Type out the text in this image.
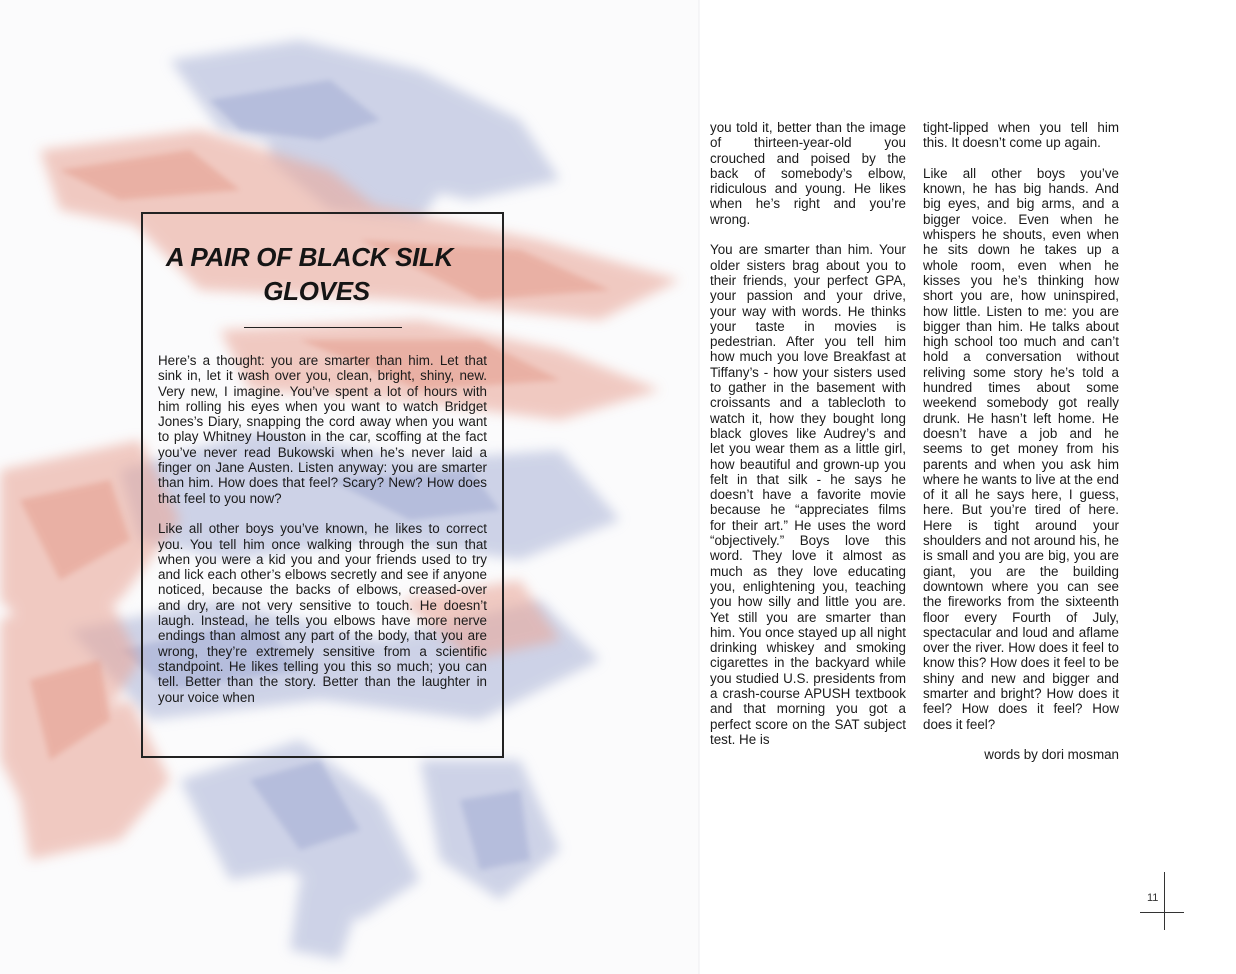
A PAIR OF BLACK SILK
GLOVES

Here’s a thought: you are smarter than him. Let that sink in, let it wash over you, clean, bright, shiny, new. Very new, I imagine. You’ve spent a lot of hours with him rolling his eyes when you want to watch Bridget Jones’s Diary, snapping the cord away when you want to play Whitney Houston in the car, scoffing at the fact you’ve never read Bukowski when he’s never laid a finger on Jane Austen. Listen anyway: you are smarter than him. How does that feel? Scary? New? How does that feel to you now?

Like all other boys you’ve known, he likes to correct you. You tell him once walking through the sun that when you were a kid you and your friends used to try and lick each other’s elbows secretly and see if anyone noticed, because the backs of elbows, creased-over and dry, are not very sensitive to touch. He doesn’t laugh. Instead, he tells you elbows have more nerve endings than almost any part of the body, that you are wrong, they’re extremely sensitive from a scientific standpoint. He likes telling you this so much; you can tell. Better than the story. Better than the laughter in your voice when

you told it, better than the image of thirteen-year-old you crouched and poised by the back of somebody’s elbow, ridiculous and young. He likes when he’s right and you’re wrong.

You are smarter than him. Your older sisters brag about you to their friends, your perfect GPA, your passion and your drive, your way with words. He thinks your taste in movies is pedestrian. After you tell him how much you love Breakfast at Tiffany’s - how your sisters used to gather in the basement with croissants and a tablecloth to watch it, how they bought long black gloves like Audrey’s and let you wear them as a little girl, how beautiful and grown-up you felt in that silk - he says he doesn’t have a favorite movie because he “appreciates films for their art.” He uses the word “objectively.” Boys love this word. They love it almost as much as they love educating you, enlightening you, teaching you how silly and little you are. Yet still you are smarter than him. You once stayed up all night drinking whiskey and smoking cigarettes in the backyard while you studied U.S. presidents from a crash-course APUSH textbook and that morning you got a perfect score on the SAT subject test. He is

tight-lipped when you tell him this. It doesn’t come up again.

Like all other boys you’ve known, he has big hands. And big eyes, and big arms, and a bigger voice. Even when he whispers he shouts, even when he sits down he takes up a whole room, even when he kisses you he’s thinking how short you are, how uninspired, how little. Listen to me: you are bigger than him. He talks about high school too much and can’t hold a conversation without reliving some story he’s told a hundred times about some weekend somebody got really drunk. He hasn’t left home. He doesn’t have a job and he seems to get money from his parents and when you ask him where he wants to live at the end of it all he says here, I guess, here. But you’re tired of here. Here is tight around your shoulders and not around his, he is small and you are big, you are giant, you are the building downtown where you can see the fireworks from the sixteenth floor every Fourth of July, spectacular and loud and aflame over the river. How does it feel to know this? How does it feel to be shiny and new and bigger and smarter and bright? How does it feel? How does it feel? How does it feel?

words by dori mosman

11
